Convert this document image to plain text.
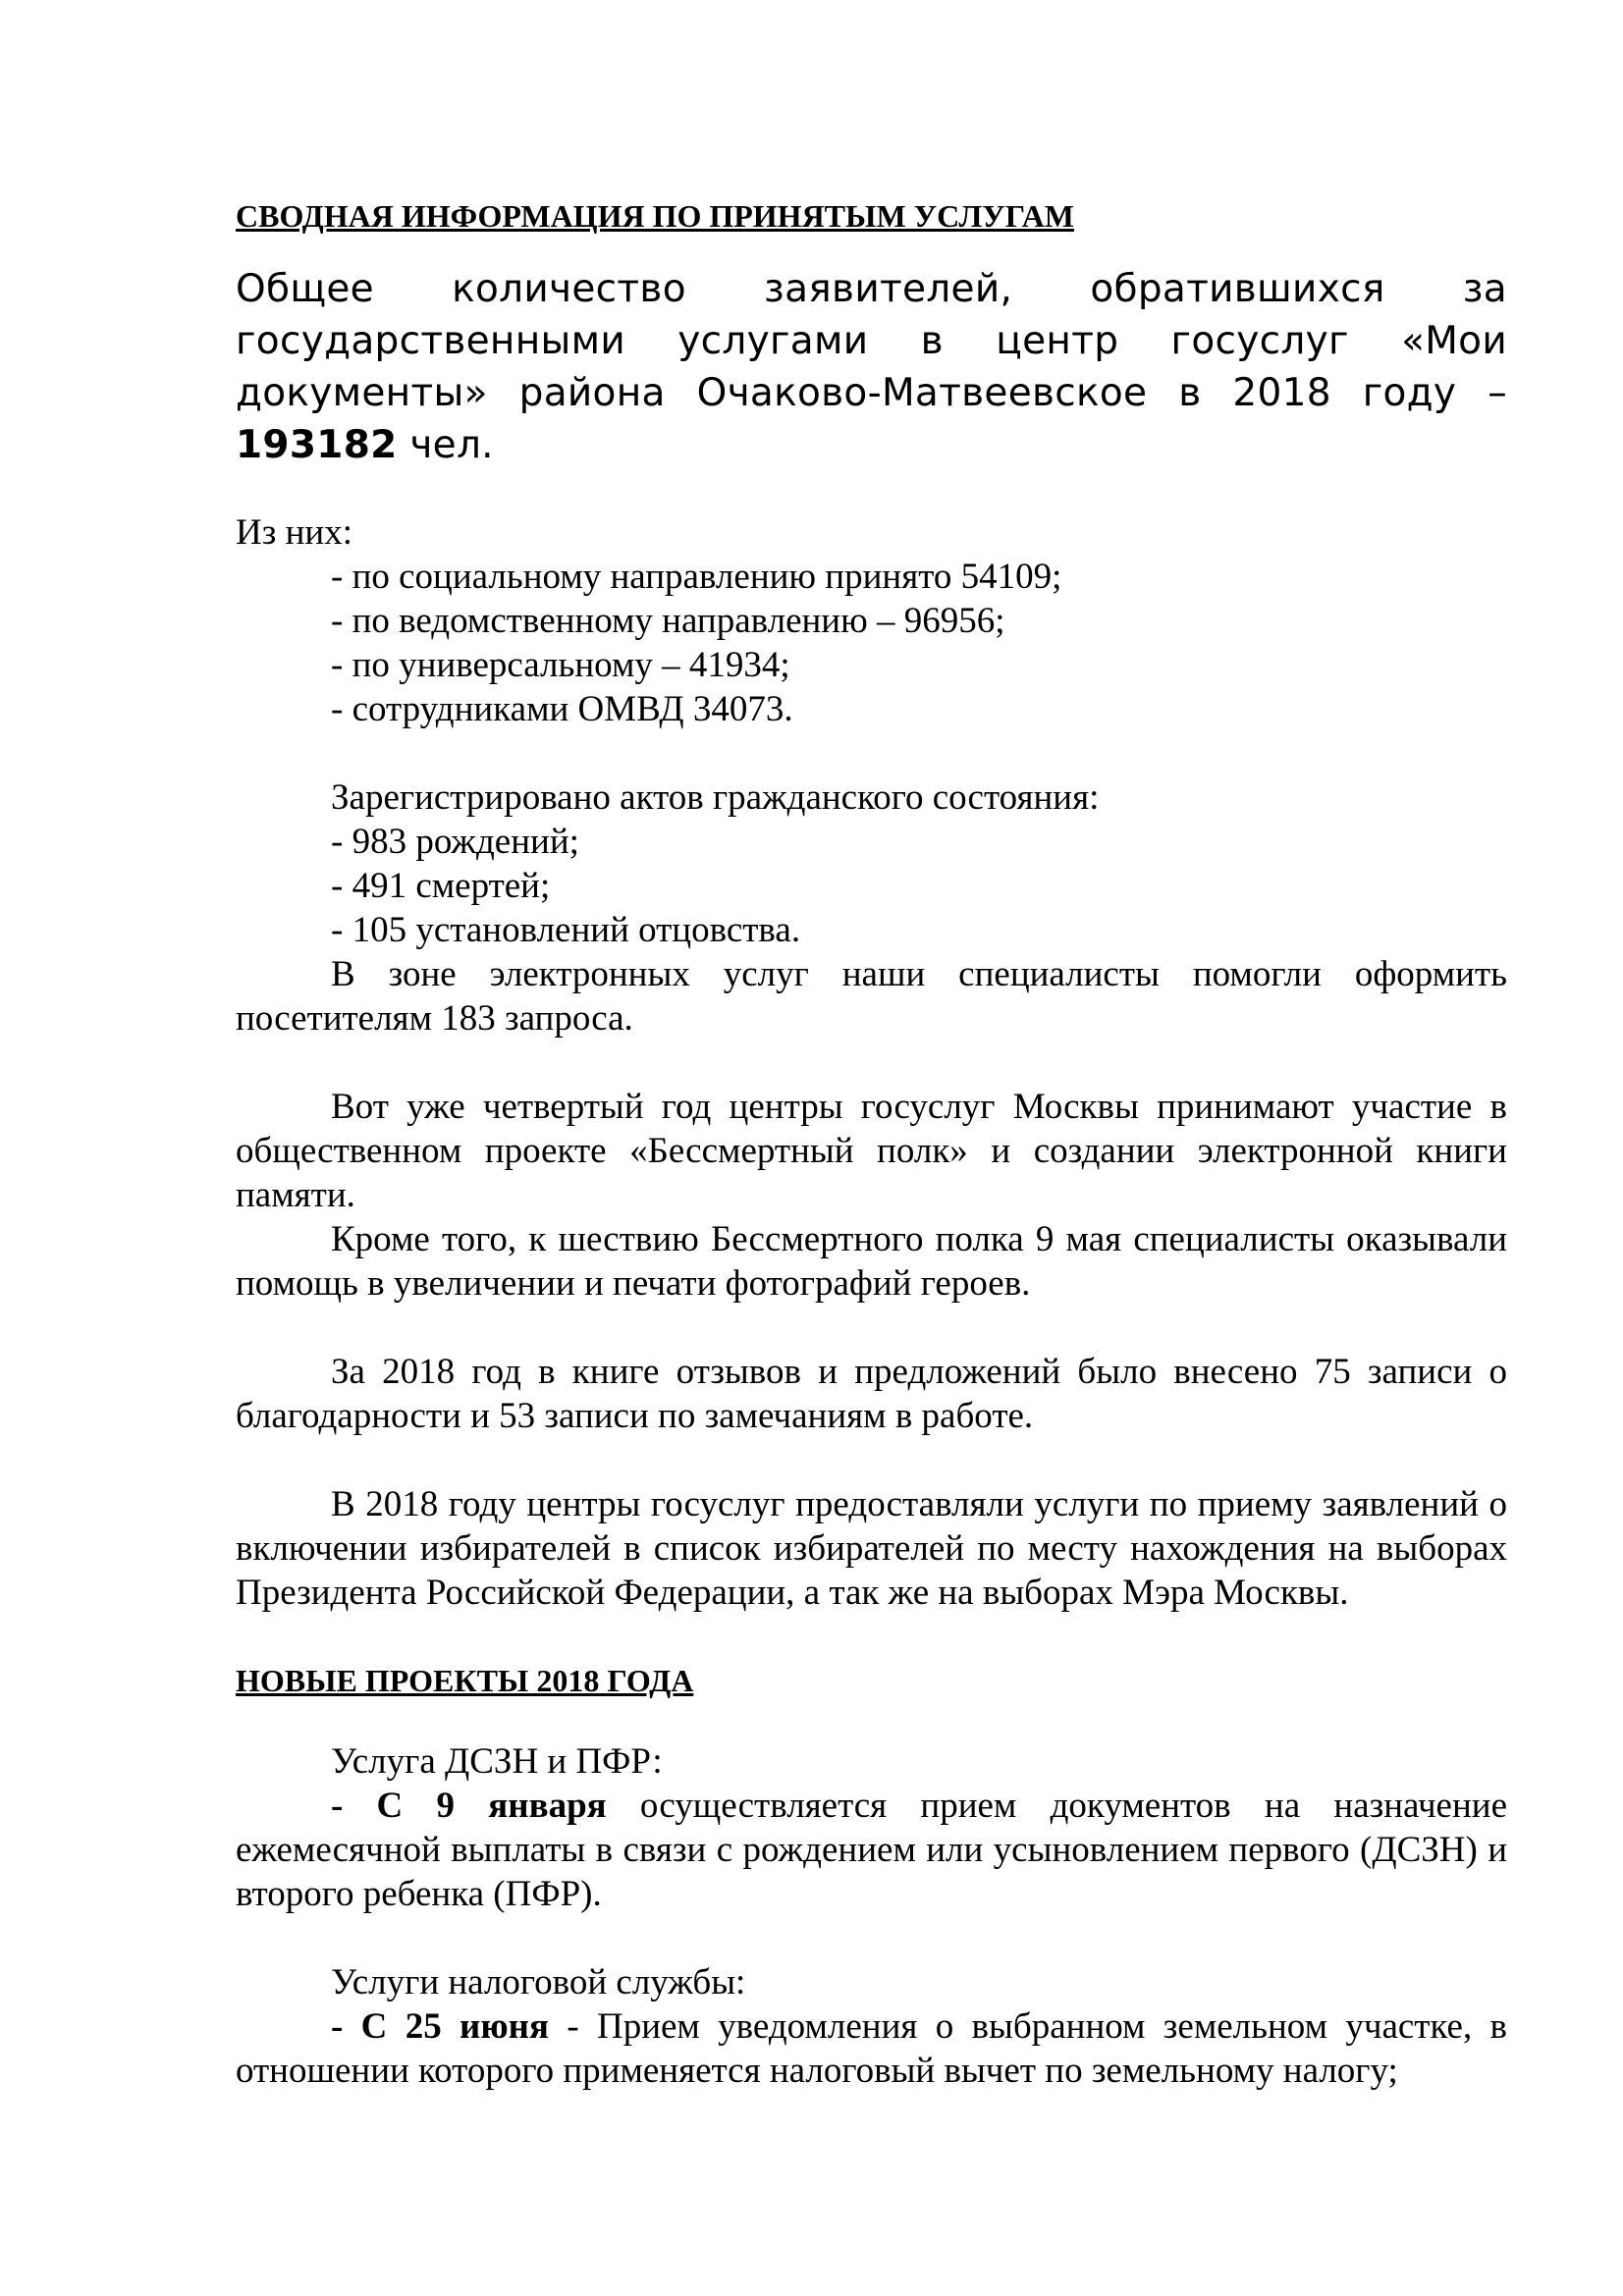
СВОДНАЯ ИНФОРМАЦИЯ ПО ПРИНЯТЫМ УСЛУГАМ

Общее количество заявителей, обратившихся за государственными услугами в центр госуслуг «Мои документы» района Очаково-Матвеевское в 2018 году – 193182 чел.

Из них:

- по социальному направлению принято 54109;

- по ведомственному направлению – 96956;

- по универсальному – 41934;

- сотрудниками ОМВД 34073.

Зарегистрировано актов гражданского состояния:

- 983 рождений;

- 491 смертей;

- 105 установлений отцовства.

В зоне электронных услуг наши специалисты помогли оформить посетителям 183 запроса.

Вот уже четвертый год центры госуслуг Москвы принимают участие в общественном проекте «Бессмертный полк» и создании электронной книги памяти.

Кроме того, к шествию Бессмертного полка 9 мая специалисты оказывали помощь в увеличении и печати фотографий героев.

За 2018 год в книге отзывов и предложений было внесено 75 записи о благодарности и 53 записи по замечаниям в работе.

В 2018 году центры госуслуг предоставляли услуги по приему заявлений о включении избирателей в список избирателей по месту нахождения на выборах Президента Российской Федерации, а так же на выборах Мэра Москвы.

НОВЫЕ ПРОЕКТЫ 2018 ГОДА

Услуга ДСЗН и ПФР:

- С 9 января осуществляется прием документов на назначение ежемесячной выплаты в связи с рождением или усыновлением первого (ДСЗН) и второго ребенка (ПФР).

Услуги налоговой службы:

- С 25 июня - Прием уведомления о выбранном земельном участке, в отношении которого применяется налоговый вычет по земельному налогу;
